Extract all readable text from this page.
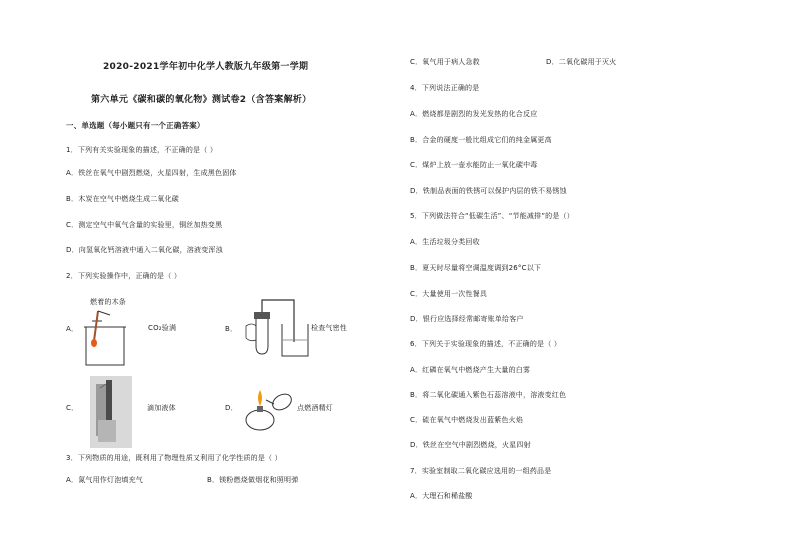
2020-2021学年初中化学人教版九年级第一学期
第六单元《碳和碳的氧化物》测试卷2（含答案解析）
一、单选题（每小题只有一个正确答案）
1．下列有关实验现象的描述，不正确的是（ ）
A．铁丝在氧气中剧烈燃烧，火星四射，生成黑色固体
B．木炭在空气中燃烧生成二氧化碳
C．测定空气中氧气含量的实验里，铜丝加热变黑
D．向氢氧化钙溶液中通入二氧化碳，溶液变浑浊
2．下列实验操作中，正确的是（ ）
燃着的木条
A．	CO₂验满	B．	检查气密性
C．	滴加液体	D．	点燃酒精灯
3．下列物质的用途，既利用了物理性质又利用了化学性质的是（ ）
A．氮气用作灯泡填充气	B．镁粉燃烧做烟花和照明弹
C．氧气用于病人急救	D．二氧化碳用于灭火
4．下列说法正确的是
A．燃烧都是剧烈的发光发热的化合反应
B．合金的硬度一般比组成它们的纯金属更高
C．煤炉上放一壶水能防止一氧化碳中毒
D．铁制品表面的铁锈可以保护内层的铁不易锈蚀
5．下列做法符合“低碳生活”、“节能减排”的是（）
A．生活垃圾分类回收
B．夏天时尽量将空调温度调到26°C以下
C．大量使用一次性餐具
D．银行应选择经常邮寄账单给客户
6．下列关于实验现象的描述，不正确的是（ ）
A．红磷在氧气中燃烧产生大量的白雾
B．将二氧化碳通入紫色石蕊溶液中，溶液变红色
C．硫在氧气中燃烧发出蓝紫色火焰
D．铁丝在空气中剧烈燃烧，火星四射
7．实验室制取二氧化碳应选用的一组药品是
A．大理石和稀盐酸
